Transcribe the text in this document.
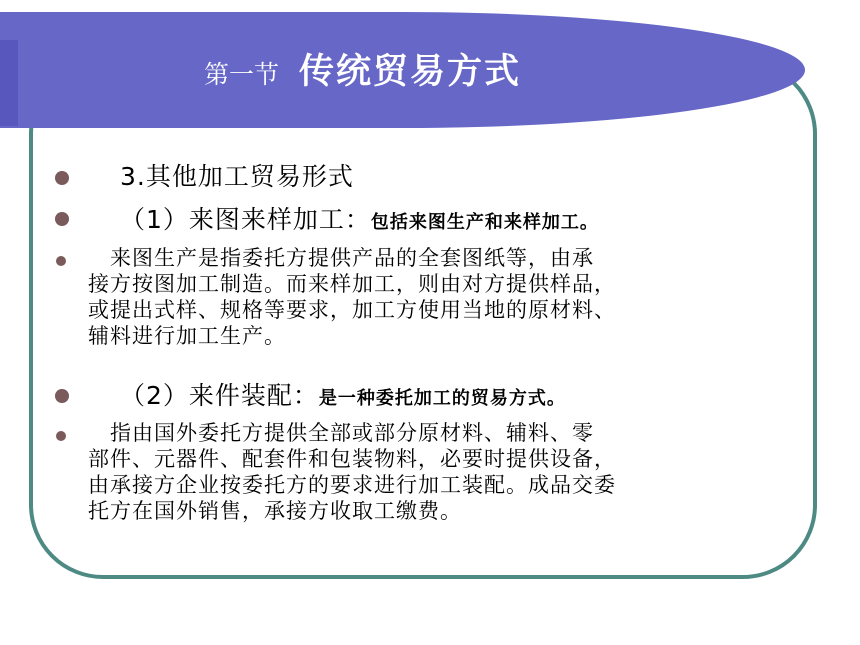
第一节 传统贸易方式
3.其他加工贸易形式
（1）来图来样加工：包括来图生产和来样加工。
　来图生产是指委托方提供产品的全套图纸等，由承
接方按图加工制造。而来样加工，则由对方提供样品，
或提出式样、规格等要求，加工方使用当地的原材料、
辅料进行加工生产。
（2）来件装配：是一种委托加工的贸易方式。
　指由国外委托方提供全部或部分原材料、辅料、零
部件、元器件、配套件和包装物料，必要时提供设备，
由承接方企业按委托方的要求进行加工装配。成品交委
托方在国外销售，承接方收取工缴费。
